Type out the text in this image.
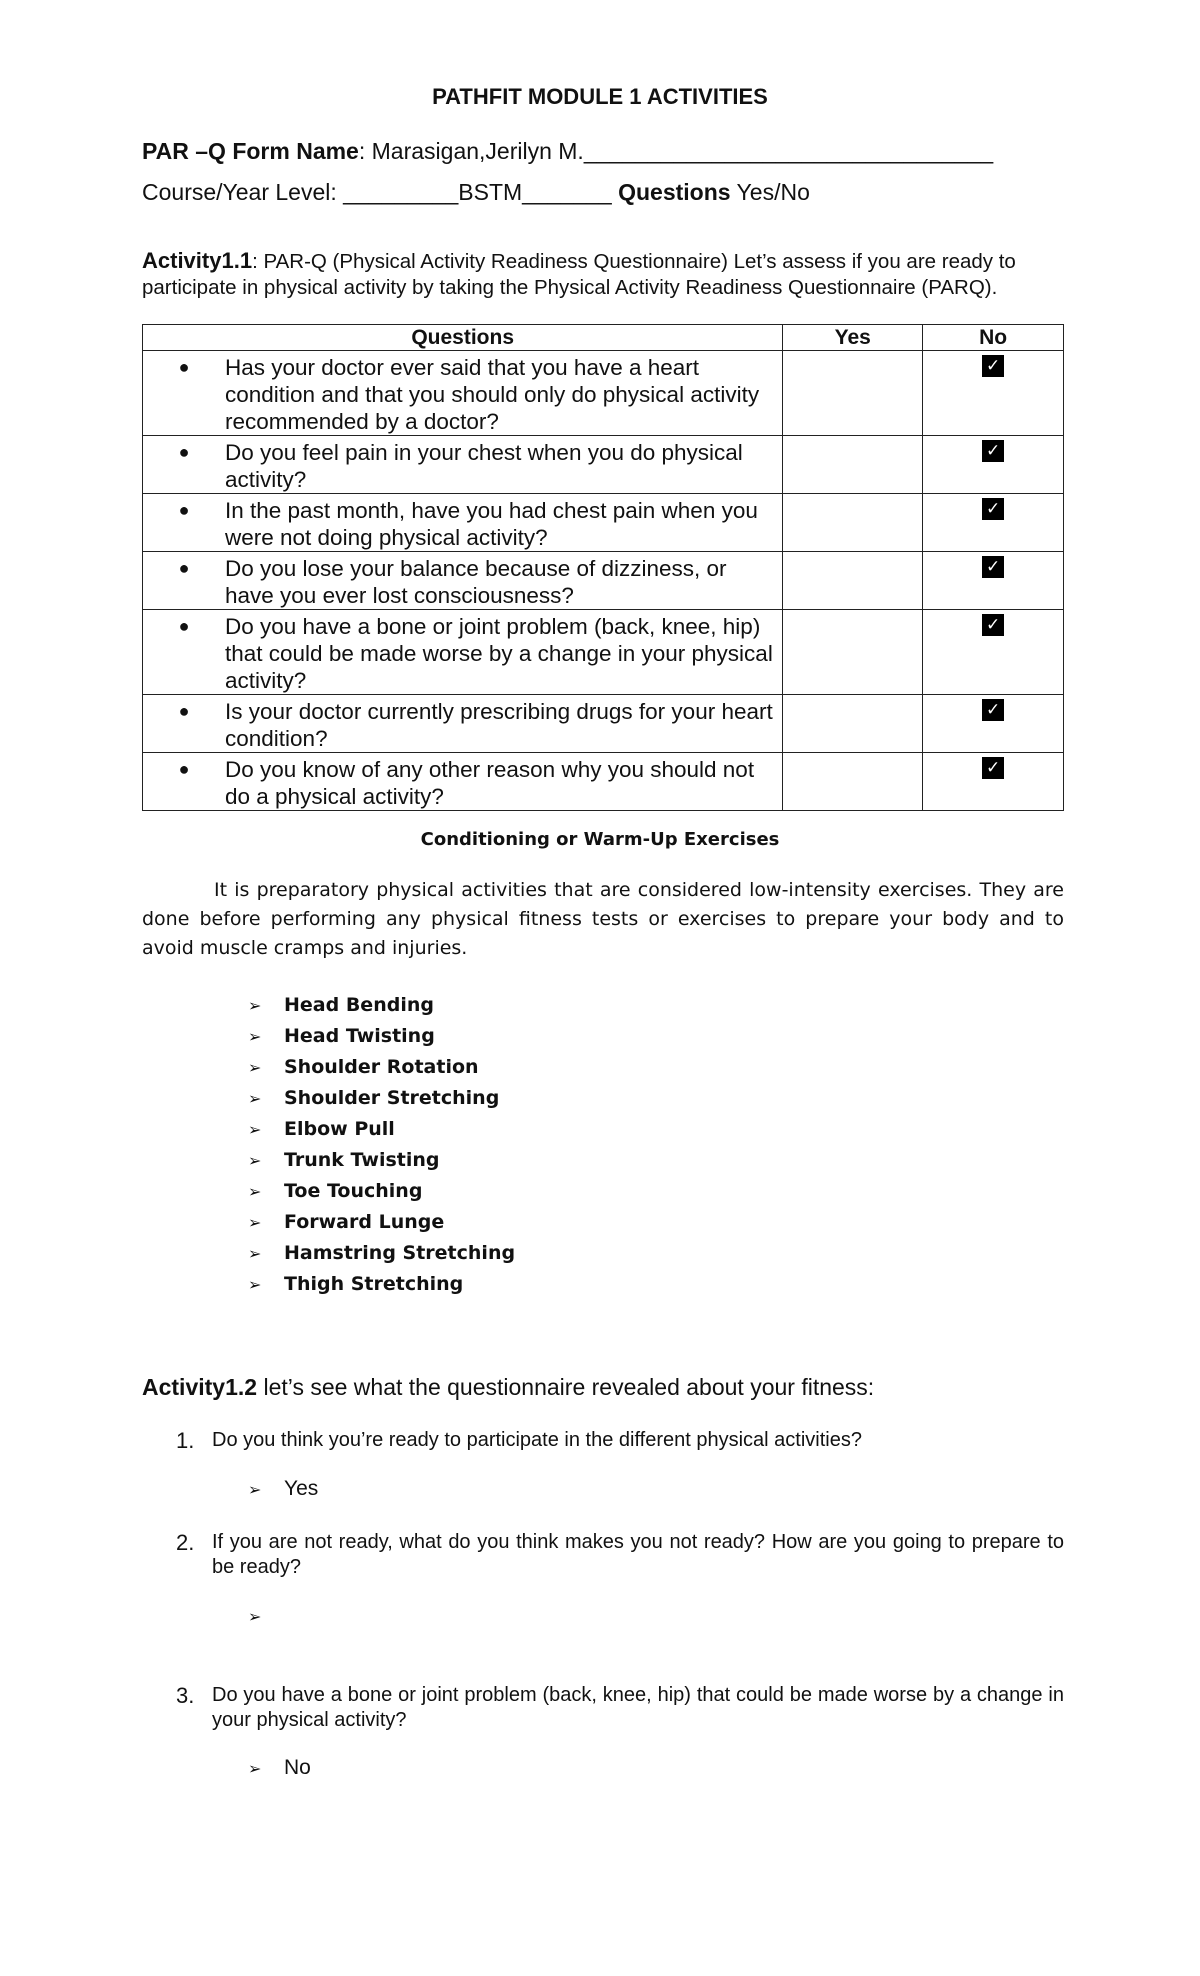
PATHFIT MODULE 1 ACTIVITIES
PAR –Q Form Name: Marasigan,Jerilyn M.________________________________
Course/Year Level: _________BSTM_______ Questions Yes/No
Activity1.1: PAR-Q (Physical Activity Readiness Questionnaire) Let’s assess if you are ready to participate in physical activity by taking the Physical Activity Readiness Questionnaire (PARQ).
Questions	Yes	No

● Has your doctor ever said that you have a heart condition and that you should only do physical activity recommended by a doctor?		✓

● Do you feel pain in your chest when you do physical activity?		✓

● In the past month, have you had chest pain when you were not doing physical activity?		✓

● Do you lose your balance because of dizziness, or have you ever lost consciousness?		✓

● Do you have a bone or joint problem (back, knee, hip) that could be made worse by a change in your physical activity?		✓

● Is your doctor currently prescribing drugs for your heart condition?		✓

● Do you know of any other reason why you should not do a physical activity?		✓
Conditioning or Warm-Up Exercises
It is preparatory physical activities that are considered low-intensity exercises. They are done before performing any physical fitness tests or exercises to prepare your body and to avoid muscle cramps and injuries.
➢ Head Bending
➢ Head Twisting
➢ Shoulder Rotation
➢ Shoulder Stretching
➢ Elbow Pull
➢ Trunk Twisting
➢ Toe Touching
➢ Forward Lunge
➢ Hamstring Stretching
➢ Thigh Stretching
Activity1.2 let’s see what the questionnaire revealed about your fitness:
1. Do you think you’re ready to participate in the different physical activities?
➢ Yes
2. If you are not ready, what do you think makes you not ready? How are you going to prepare to be ready?
➢
3. Do you have a bone or joint problem (back, knee, hip) that could be made worse by a change in your physical activity?
➢ No
